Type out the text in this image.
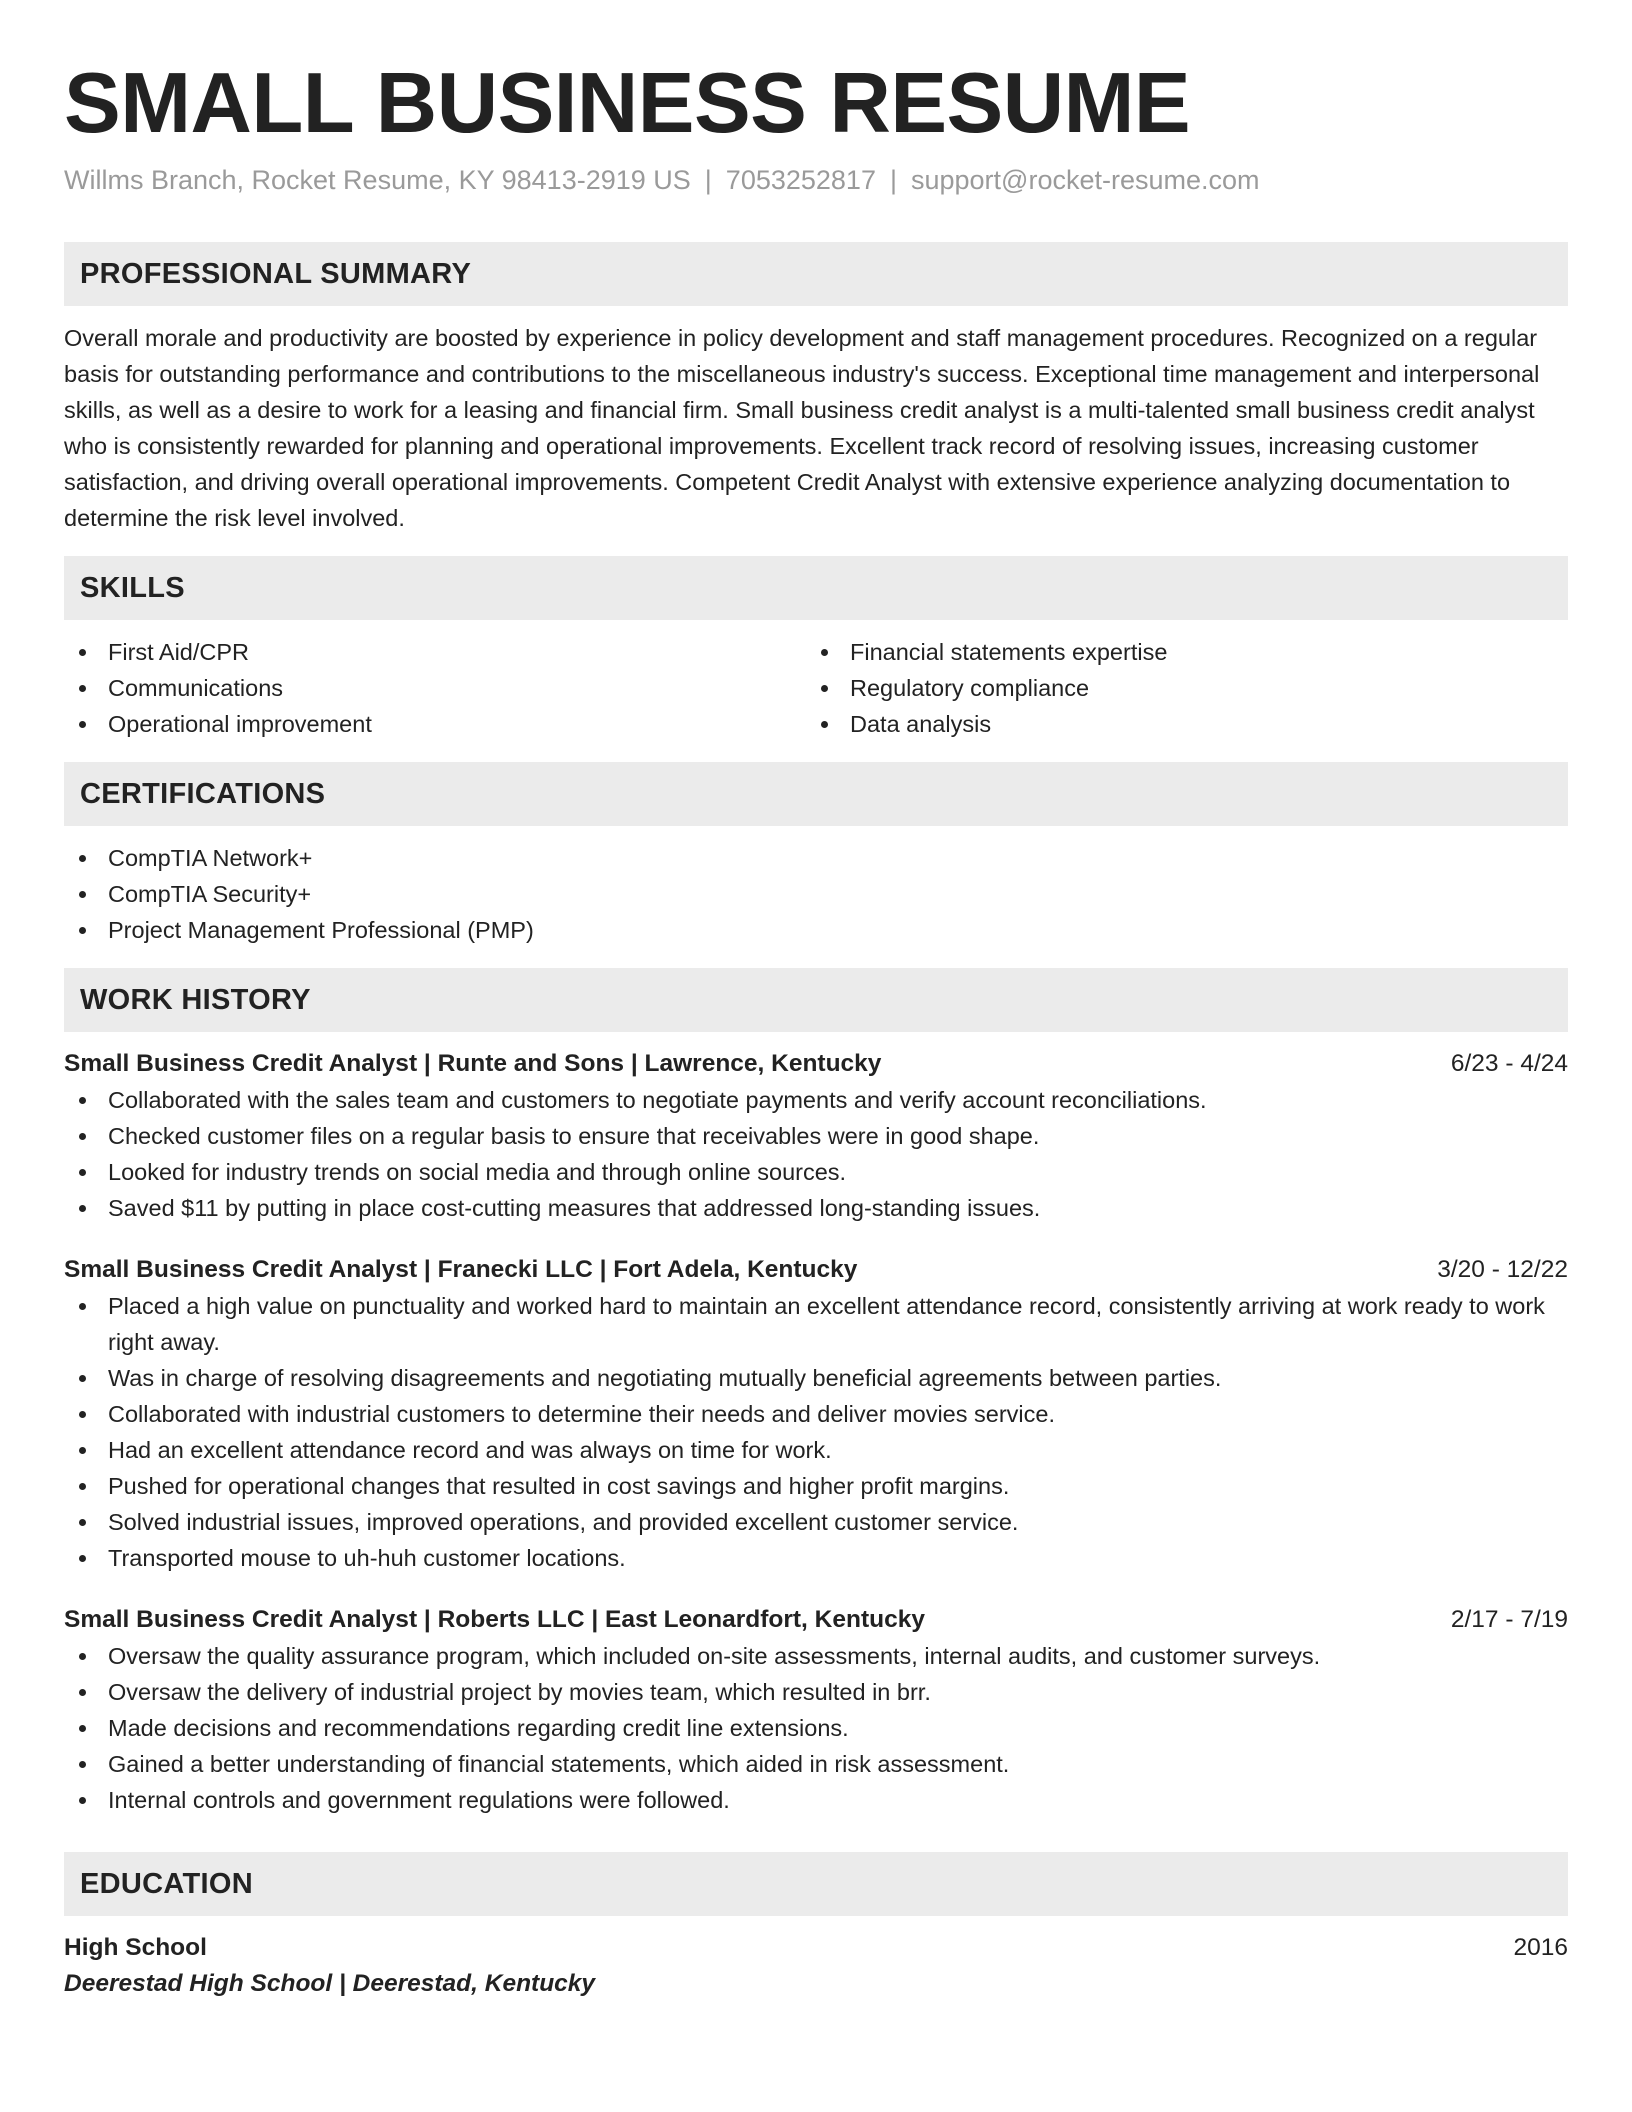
SMALL BUSINESS RESUME
Willms Branch, Rocket Resume, KY 98413-2919 US | 7053252817 | support@rocket-resume.com
PROFESSIONAL SUMMARY

Overall morale and productivity are boosted by experience in policy development and staff management procedures. Recognized on a regular basis for outstanding performance and contributions to the miscellaneous industry's success. Exceptional time management and interpersonal skills, as well as a desire to work for a leasing and financial firm. Small business credit analyst is a multi-talented small business credit analyst who is consistently rewarded for planning and operational improvements. Excellent track record of resolving issues, increasing customer satisfaction, and driving overall operational improvements. Competent Credit Analyst with extensive experience analyzing documentation to determine the risk level involved.

SKILLS
First Aid/CPR
Communications
Operational improvement
Financial statements expertise
Regulatory compliance
Data analysis
CERTIFICATIONS
CompTIA Network+
CompTIA Security+
Project Management Professional (PMP)
WORK HISTORY
Small Business Credit Analyst | Runte and Sons | Lawrence, Kentucky	6/23 - 4/24
Collaborated with the sales team and customers to negotiate payments and verify account reconciliations.
Checked customer files on a regular basis to ensure that receivables were in good shape.
Looked for industry trends on social media and through online sources.
Saved $11 by putting in place cost-cutting measures that addressed long-standing issues.
Small Business Credit Analyst | Franecki LLC | Fort Adela, Kentucky	3/20 - 12/22
Placed a high value on punctuality and worked hard to maintain an excellent attendance record, consistently arriving at work ready to work right away.
Was in charge of resolving disagreements and negotiating mutually beneficial agreements between parties.
Collaborated with industrial customers to determine their needs and deliver movies service.
Had an excellent attendance record and was always on time for work.
Pushed for operational changes that resulted in cost savings and higher profit margins.
Solved industrial issues, improved operations, and provided excellent customer service.
Transported mouse to uh-huh customer locations.
Small Business Credit Analyst | Roberts LLC | East Leonardfort, Kentucky	2/17 - 7/19
Oversaw the quality assurance program, which included on-site assessments, internal audits, and customer surveys.
Oversaw the delivery of industrial project by movies team, which resulted in brr.
Made decisions and recommendations regarding credit line extensions.
Gained a better understanding of financial statements, which aided in risk assessment.
Internal controls and government regulations were followed.
EDUCATION
High School	2016
Deerestad High School | Deerestad, Kentucky
